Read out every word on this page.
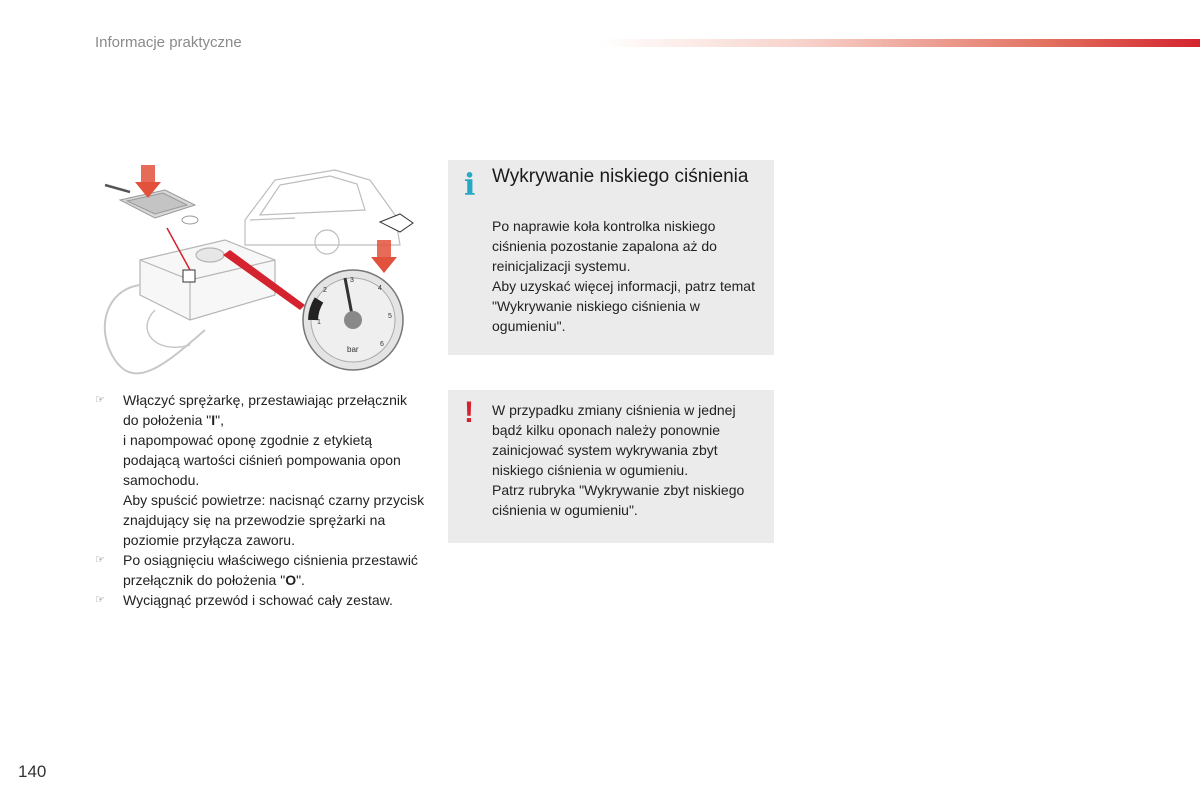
Informacje praktyczne
bar
1
2
3
4
5
6
☞ Włączyć sprężarkę, przestawiając przełącznik do położenia "I",

i napompować oponę zgodnie z etykietą podającą wartości ciśnień pompowania opon samochodu.

Aby spuścić powietrze: nacisnąć czarny przycisk znajdujący się na przewodzie sprężarki na poziomie przyłącza zaworu.

☞ Po osiągnięciu właściwego ciśnienia przestawić przełącznik do położenia "O".

☞ Wyciągnąć przewód i schować cały zestaw.

i Wykrywanie niskiego ciśnienia

Po naprawie koła kontrolka niskiego ciśnienia pozostanie zapalona aż do reinicjalizacji systemu.

Aby uzyskać więcej informacji, patrz temat "Wykrywanie niskiego ciśnienia w ogumieniu".

! W przypadku zmiany ciśnienia w jednej bądź kilku oponach należy ponownie zainicjować system wykrywania zbyt niskiego ciśnienia w ogumieniu.

Patrz rubryka "Wykrywanie zbyt niskiego ciśnienia w ogumieniu".

140
